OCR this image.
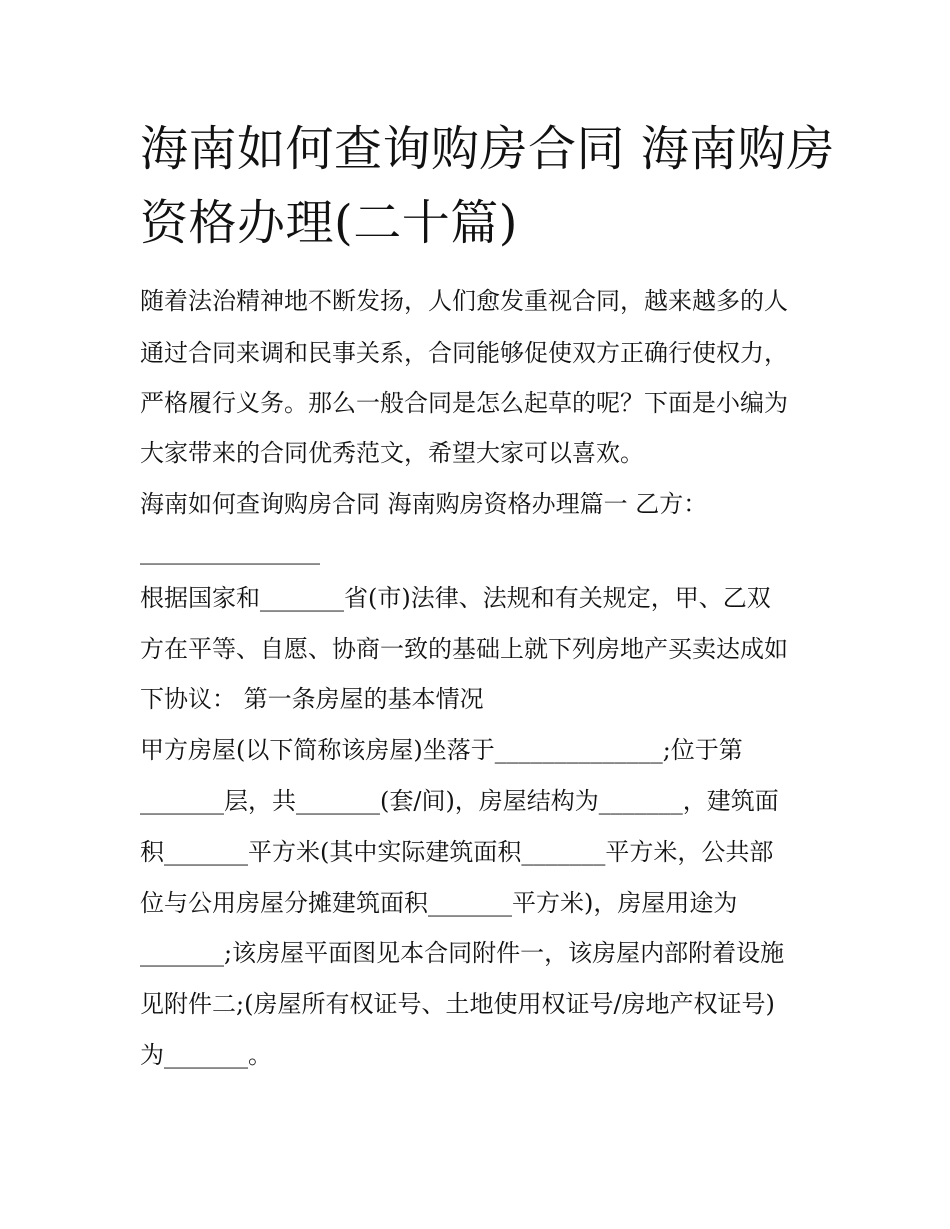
海南如何查询购房合同 海南购房资格办理(二十篇)
随着法治精神地不断发扬，人们愈发重视合同，越来越多的人
通过合同来调和民事关系，合同能够促使双方正确行使权力，
严格履行义务。那么一般合同是怎么起草的呢？下面是小编为
大家带来的合同优秀范文，希望大家可以喜欢。
海南如何查询购房合同 海南购房资格办理篇一 乙方：
_______________
根据国家和_______省(市)法律、法规和有关规定，甲、乙双
方在平等、自愿、协商一致的基础上就下列房地产买卖达成如
下协议： 第一条房屋的基本情况
甲方房屋(以下简称该房屋)坐落于______________;位于第
_______层，共_______(套/间)，房屋结构为_______，建筑面
积_______平方米(其中实际建筑面积_______平方米，公共部
位与公用房屋分摊建筑面积_______平方米)，房屋用途为
_______;该房屋平面图见本合同附件一，该房屋内部附着设施
见附件二;(房屋所有权证号、土地使用权证号/房地产权证号)
为_______。
